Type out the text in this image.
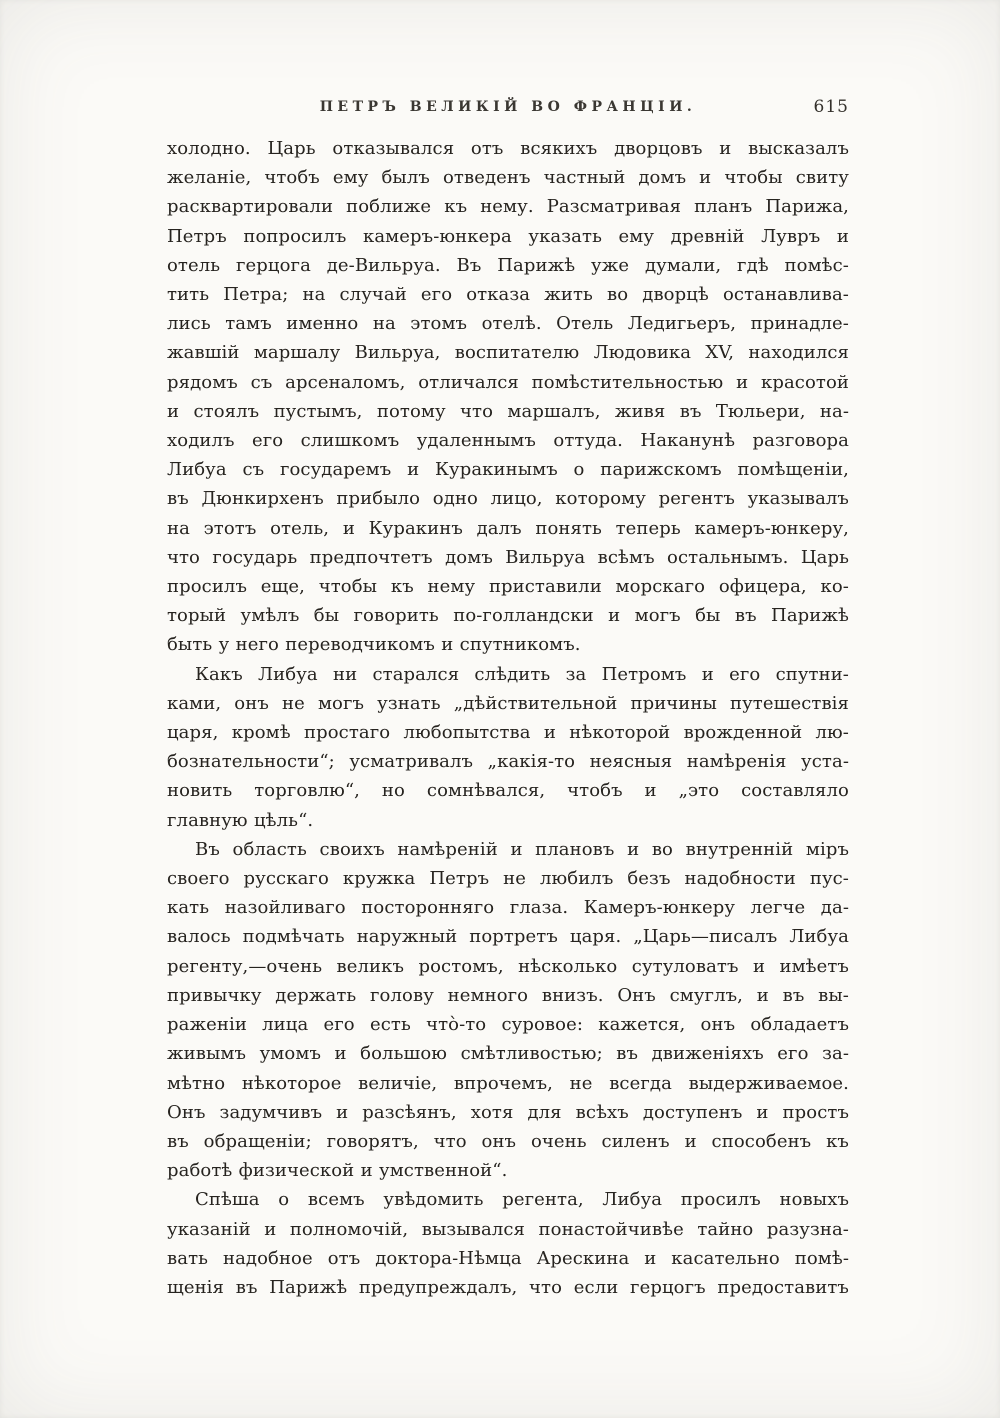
ПЕТРЪ ВЕЛИКІЙ ВО ФРАНЦІИ.	615
холодно. Царь отказывался отъ всякихъ дворцовъ и высказалъ
желаніе, чтобъ ему былъ отведенъ частный домъ и чтобы свиту
расквартировали поближе къ нему. Разсматривая планъ Парижа,
Петръ попросилъ камеръ-юнкера указать ему древній Лувръ и
отель герцога де-Вильруа. Въ Парижѣ уже думали, гдѣ помѣс-
тить Петра; на случай его отказа жить во дворцѣ останавлива-
лись тамъ именно на этомъ отелѣ. Отель Ледигьеръ, принадле-
жавшій маршалу Вильруа, воспитателю Людовика XV, находился
рядомъ съ арсеналомъ, отличался помѣстительностью и красотой
и стоялъ пустымъ, потому что маршалъ, живя въ Тюльери, на-
ходилъ его слишкомъ удаленнымъ оттуда. Наканунѣ разговора
Либуа съ государемъ и Куракинымъ о парижскомъ помѣщеніи,
въ Дюнкирхенъ прибыло одно лицо, которому регентъ указывалъ
на этотъ отель, и Куракинъ далъ понять теперь камеръ-юнкеру,
что государь предпочтетъ домъ Вильруа всѣмъ остальнымъ. Царь
просилъ еще, чтобы къ нему приставили морскаго офицера, ко-
торый умѣлъ бы говорить по-голландски и могъ бы въ Парижѣ
быть у него переводчикомъ и спутникомъ.
Какъ Либуа ни старался слѣдить за Петромъ и его спутни-
ками, онъ не могъ узнать „дѣйствительной причины путешествія
царя, кромѣ простаго любопытства и нѣкоторой врожденной лю-
бознательности“; усматривалъ „какія-то неясныя намѣренія уста-
новить торговлю“, но сомнѣвался, чтобъ и „это составляло
главную цѣль“.
Въ область своихъ намѣреній и плановъ и во внутренній міръ
своего русскаго кружка Петръ не любилъ безъ надобности пус-
кать назойливаго посторонняго глаза. Камеръ-юнкеру легче да-
валось подмѣчать наружный портретъ царя. „Царь—писалъ Либуа
регенту,—очень великъ ростомъ, нѣсколько сутуловатъ и имѣетъ
привычку держать голову немного внизъ. Онъ смуглъ, и въ вы-
раженіи лица его есть что̀-то суровое: кажется, онъ обладаетъ
живымъ умомъ и большою смѣтливостью; въ движеніяхъ его за-
мѣтно нѣкоторое величіе, впрочемъ, не всегда выдерживаемое.
Онъ задумчивъ и разсѣянъ, хотя для всѣхъ доступенъ и простъ
въ обращеніи; говорятъ, что онъ очень силенъ и способенъ къ
работѣ физической и умственной“.
Спѣша о всемъ увѣдомить регента, Либуа просилъ новыхъ
указаній и полномочій, вызывался понастойчивѣе тайно разузна-
вать надобное отъ доктора-Нѣмца Арескина и касательно помѣ-
щенія въ Парижѣ предупреждалъ, что если герцогъ предоставитъ
